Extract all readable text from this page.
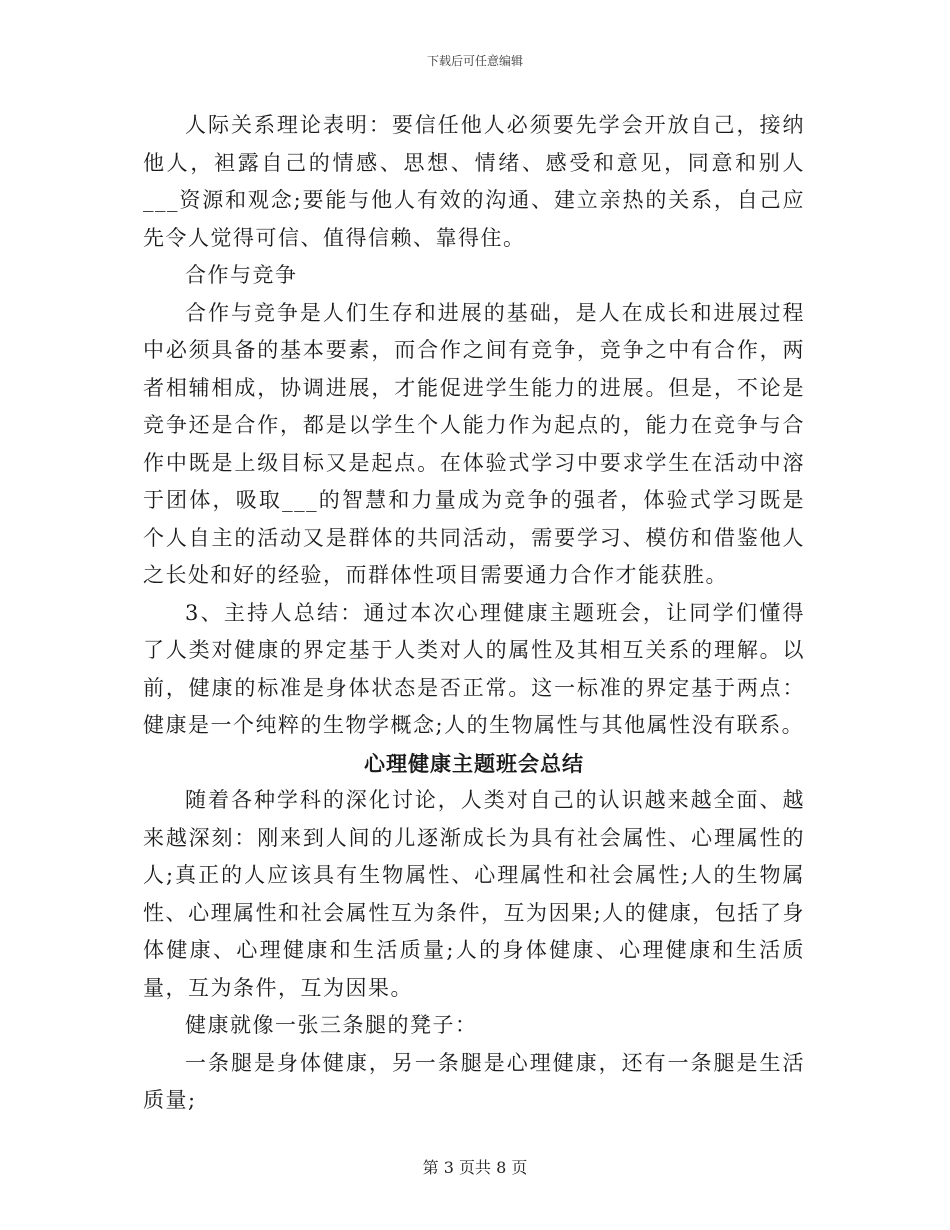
下载后可任意编辑

人际关系理论表明：要信任他人必须要先学会开放自己，接纳他人，袒露自己的情感、思想、情绪、感受和意见，同意和别人___资源和观念;要能与他人有效的沟通、建立亲热的关系，自己应先令人觉得可信、值得信赖、靠得住。

合作与竞争

合作与竞争是人们生存和进展的基础，是人在成长和进展过程中必须具备的基本要素，而合作之间有竞争，竞争之中有合作，两者相辅相成，协调进展，才能促进学生能力的进展。但是，不论是竞争还是合作，都是以学生个人能力作为起点的，能力在竞争与合作中既是上级目标又是起点。在体验式学习中要求学生在活动中溶于团体，吸取___的智慧和力量成为竞争的强者，体验式学习既是个人自主的活动又是群体的共同活动，需要学习、模仿和借鉴他人之长处和好的经验，而群体性项目需要通力合作才能获胜。

3、主持人总结：通过本次心理健康主题班会，让同学们懂得了人类对健康的界定基于人类对人的属性及其相互关系的理解。以前，健康的标准是身体状态是否正常。这一标准的界定基于两点：健康是一个纯粹的生物学概念;人的生物属性与其他属性没有联系。

心理健康主题班会总结

随着各种学科的深化讨论，人类对自己的认识越来越全面、越来越深刻：刚来到人间的儿逐渐成长为具有社会属性、心理属性的人;真正的人应该具有生物属性、心理属性和社会属性;人的生物属性、心理属性和社会属性互为条件，互为因果;人的健康，包括了身体健康、心理健康和生活质量;人的身体健康、心理健康和生活质量，互为条件，互为因果。

健康就像一张三条腿的凳子：

一条腿是身体健康，另一条腿是心理健康，还有一条腿是生活质量;

第 3 页共 8 页
